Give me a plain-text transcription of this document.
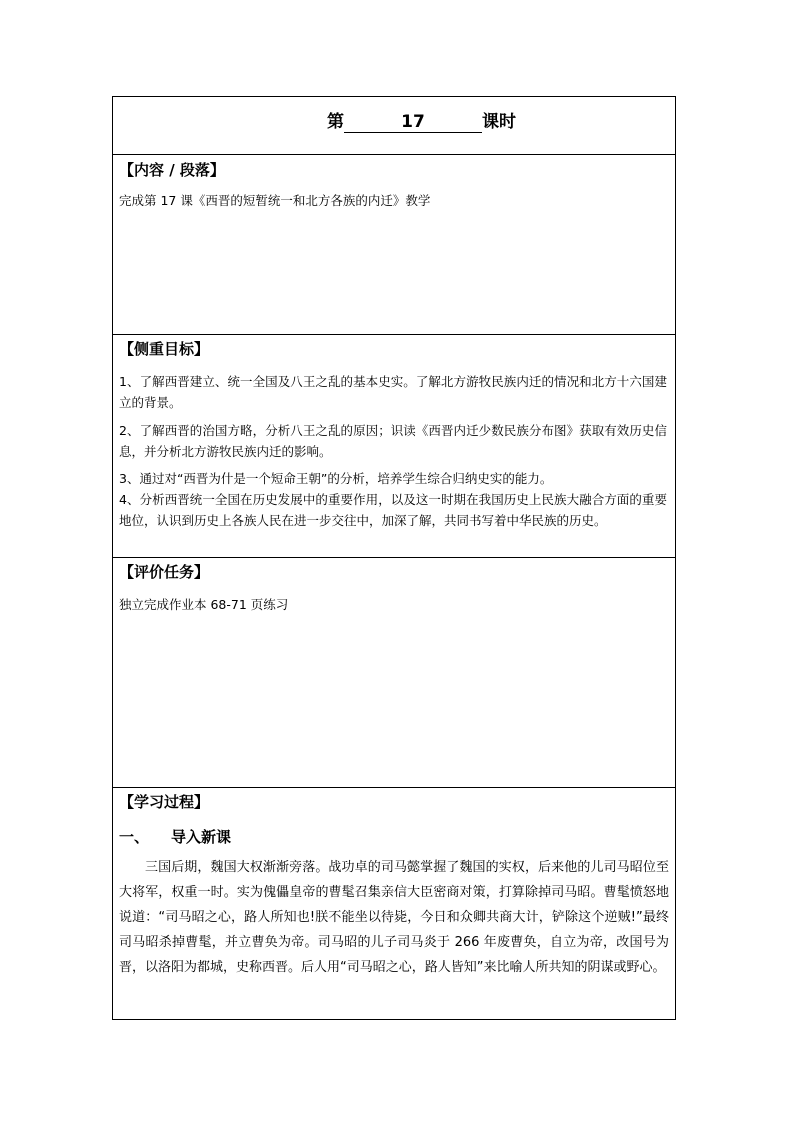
第	17	课时
【内容 / 段落】
完成第 17 课《西晋的短暂统一和北方各族的内迁》教学
【侧重目标】
1、了解西晋建立、统一全国及八王之乱的基本史实。了解北方游牧民族内迁的情况和北方十六国建立的背景。
2、了解西晋的治国方略，分析八王之乱的原因；识读《西晋内迁少数民族分布图》获取有效历史信息，并分析北方游牧民族内迁的影响。
3、通过对“西晋为什是一个短命王朝”的分析，培养学生综合归纳史实的能力。
4、分析西晋统一全国在历史发展中的重要作用，以及这一时期在我国历史上民族大融合方面的重要地位，认识到历史上各族人民在进一步交往中，加深了解，共同书写着中华民族的历史。
【评价任务】
独立完成作业本 68-71 页练习
【学习过程】
一、 导入新课
三国后期，魏国大权渐渐旁落。战功卓的司马懿掌握了魏国的实权，后来他的儿司马昭位至大将军，权重一时。实为傀儡皇帝的曹髦召集亲信大臣密商对策，打算除掉司马昭。曹髦愤怒地说道：“司马昭之心，路人所知也!朕不能坐以待毙，今日和众卿共商大计，铲除这个逆贼!”最终司马昭杀掉曹髦，并立曹奂为帝。司马昭的儿子司马炎于 266 年废曹奂，自立为帝，改国号为晋，以洛阳为都城，史称西晋。后人用“司马昭之心，路人皆知”来比喻人所共知的阴谋或野心。
